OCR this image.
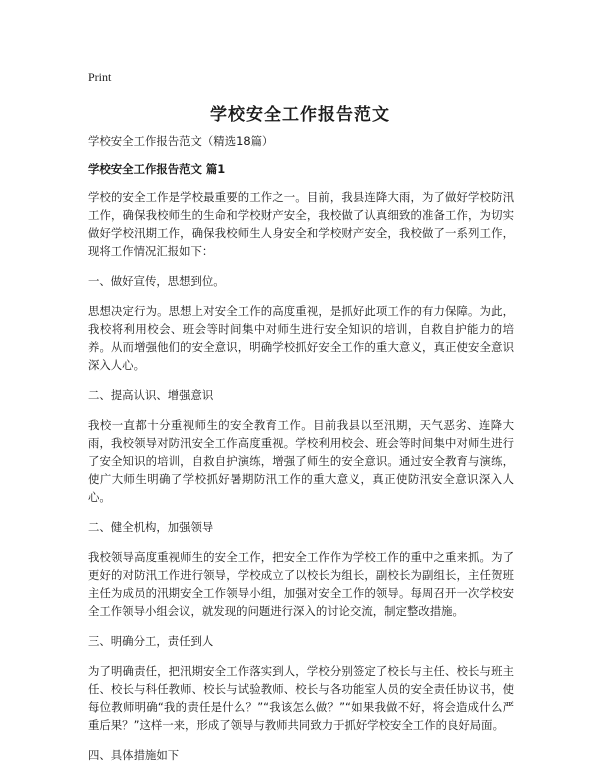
Print
学校安全工作报告范文

学校安全工作报告范文（精选18篇）

学校安全工作报告范文 篇1

学校的安全工作是学校最重要的工作之一。目前，我县连降大雨，为了做好学校防汛工作，确保我校师生的生命和学校财产安全，我校做了认真细致的准备工作，为切实做好学校汛期工作，确保我校师生人身安全和学校财产安全，我校做了一系列工作，现将工作情况汇报如下：

一、做好宣传，思想到位。

思想决定行为。思想上对安全工作的高度重视，是抓好此项工作的有力保障。为此，我校将利用校会、班会等时间集中对师生进行安全知识的培训，自救自护能力的培养。从而增强他们的安全意识，明确学校抓好安全工作的重大意义，真正使安全意识深入人心。

二、提高认识、增强意识

我校一直都十分重视师生的安全教育工作。目前我县以至汛期，天气恶劣、连降大雨，我校领导对防汛安全工作高度重视。学校利用校会、班会等时间集中对师生进行了安全知识的培训，自救自护演练，增强了师生的安全意识。通过安全教育与演练，使广大师生明确了学校抓好暑期防汛工作的重大意义，真正使防汛安全意识深入人心。

二、健全机构，加强领导

我校领导高度重视师生的安全工作，把安全工作作为学校工作的重中之重来抓。为了更好的对防汛工作进行领导，学校成立了以校长为组长，副校长为副组长，主任贺班主任为成员的汛期安全工作领导小组，加强对安全工作的领导。每周召开一次学校安全工作领导小组会议，就发现的问题进行深入的讨论交流，制定整改措施。

三、明确分工，责任到人

为了明确责任，把汛期安全工作落实到人，学校分别签定了校长与主任、校长与班主任、校长与科任教师、校长与试验教师、校长与各功能室人员的安全责任协议书，使每位教师明确“我的责任是什么？”“我该怎么做？”“如果我做不好，将会造成什么严重后果？”这样一来，形成了领导与教师共同致力于抓好学校安全工作的良好局面。

四、具体措施如下
